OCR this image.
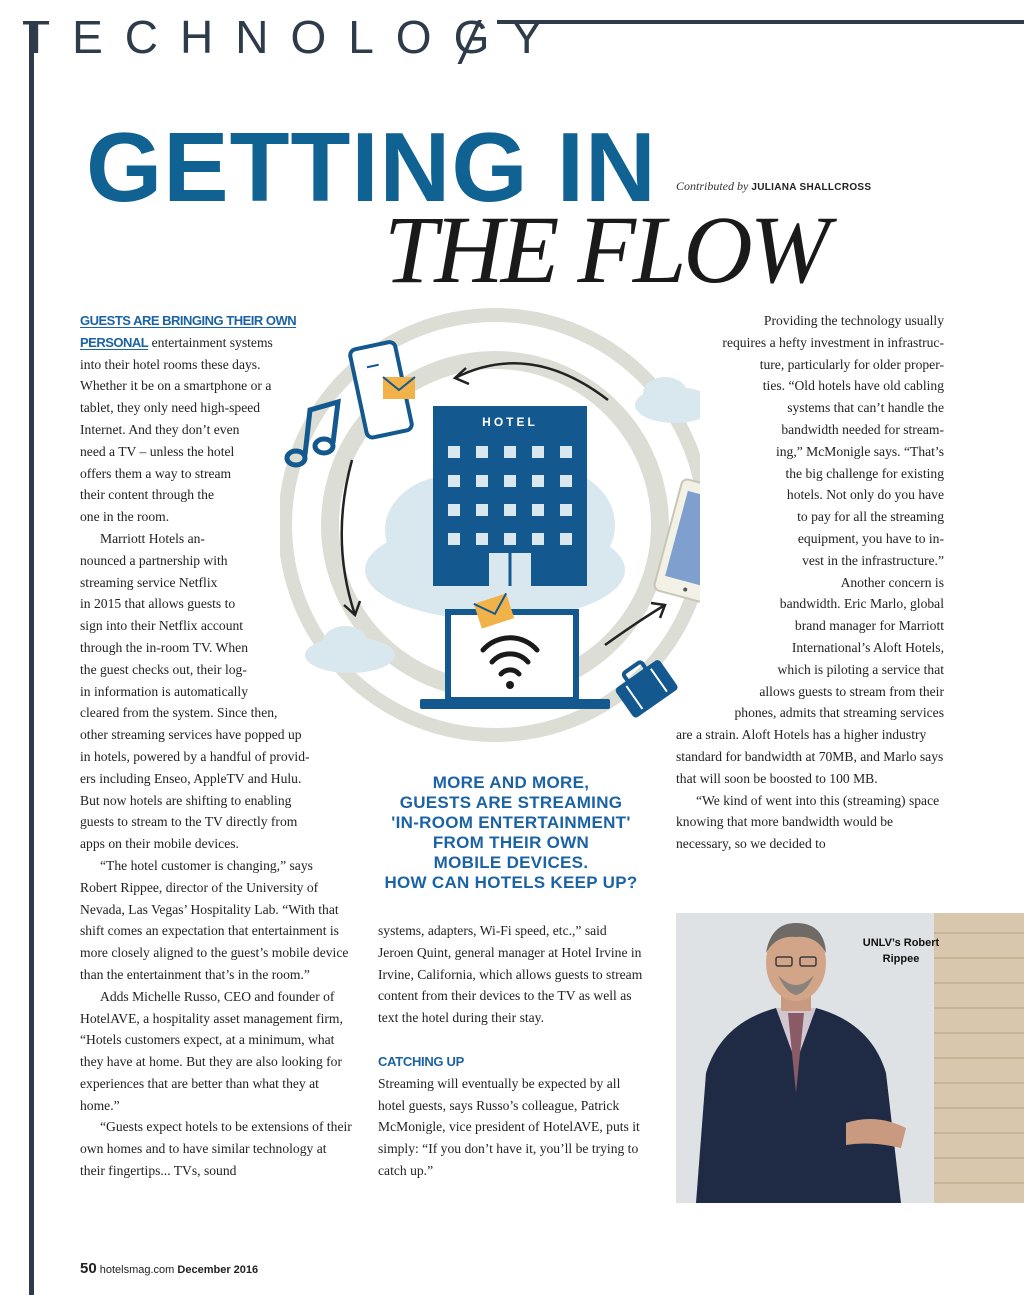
TECHNOLOGY
GETTING IN
THE FLOW
Contributed by JULIANA SHALLCROSS
HOTEL

GUESTS ARE BRINGING THEIR OWN
PERSONAL entertainment systems
into their hotel rooms these days.
Whether it be on a smartphone or a
tablet, they only need high-speed
Internet. And they don’t even
need a TV – unless the hotel
offers them a way to stream
their content through the
one in the room.

Marriott Hotels an-
nounced a partnership with
streaming service Netflix
in 2015 that allows guests to
sign into their Netflix account
through the in-room TV. When
the guest checks out, their log-
in information is automatically
cleared from the system. Since then,
other streaming services have popped up
in hotels, powered by a handful of provid-
ers including Enseo, AppleTV and Hulu.
But now hotels are shifting to enabling
guests to stream to the TV directly from
apps on their mobile devices.

“The hotel customer is changing,” says Robert Rippee, director of the University of Nevada, Las Vegas’ Hospitality Lab. “With that shift comes an expectation that entertainment is more closely aligned to the guest’s mobile device than the entertainment that’s in the room.”

Adds Michelle Russo, CEO and founder of HotelAVE, a hospitality asset management firm, “Hotels customers expect, at a minimum, what they have at home. But they are also looking for experiences that are better than what they at home.”

“Guests expect hotels to be extensions of their own homes and to have similar technology at their fingertips... TVs, sound

MORE AND MORE,
GUESTS ARE STREAMING
'IN-ROOM ENTERTAINMENT'
FROM THEIR OWN
MOBILE DEVICES.
HOW CAN HOTELS KEEP UP?

systems, adapters, Wi-Fi speed, etc.,” said Jeroen Quint, general manager at Hotel Irvine in Irvine, California, which allows guests to stream content from their devices to the TV as well as text the hotel during their stay.

CATCHING UP

Streaming will eventually be expected by all hotel guests, says Russo’s colleague, Patrick McMonigle, vice president of HotelAVE, puts it simply: “If you don’t have it, you’ll be trying to catch up.”

Providing the technology usually
requires a hefty investment in infrastruc-
ture, particularly for older proper-
ties. “Old hotels have old cabling
systems that can’t handle the
bandwidth needed for stream-
ing,” McMonigle says. “That’s
the big challenge for existing
hotels. Not only do you have
to pay for all the streaming
equipment, you have to in-
vest in the infrastructure.”

Another concern is
bandwidth. Eric Marlo, global
brand manager for Marriott
International’s Aloft Hotels,
which is piloting a service that
allows guests to stream from their
phones, admits that streaming services

are a strain. Aloft Hotels has a higher industry standard for bandwidth at 70MB, and Marlo says that will soon be boosted to 100 MB.

“We kind of went into this (streaming) space knowing that more bandwidth would be necessary, so we decided to

UNLV’s Robert Rippee
50 hotelsmag.com December 2016
